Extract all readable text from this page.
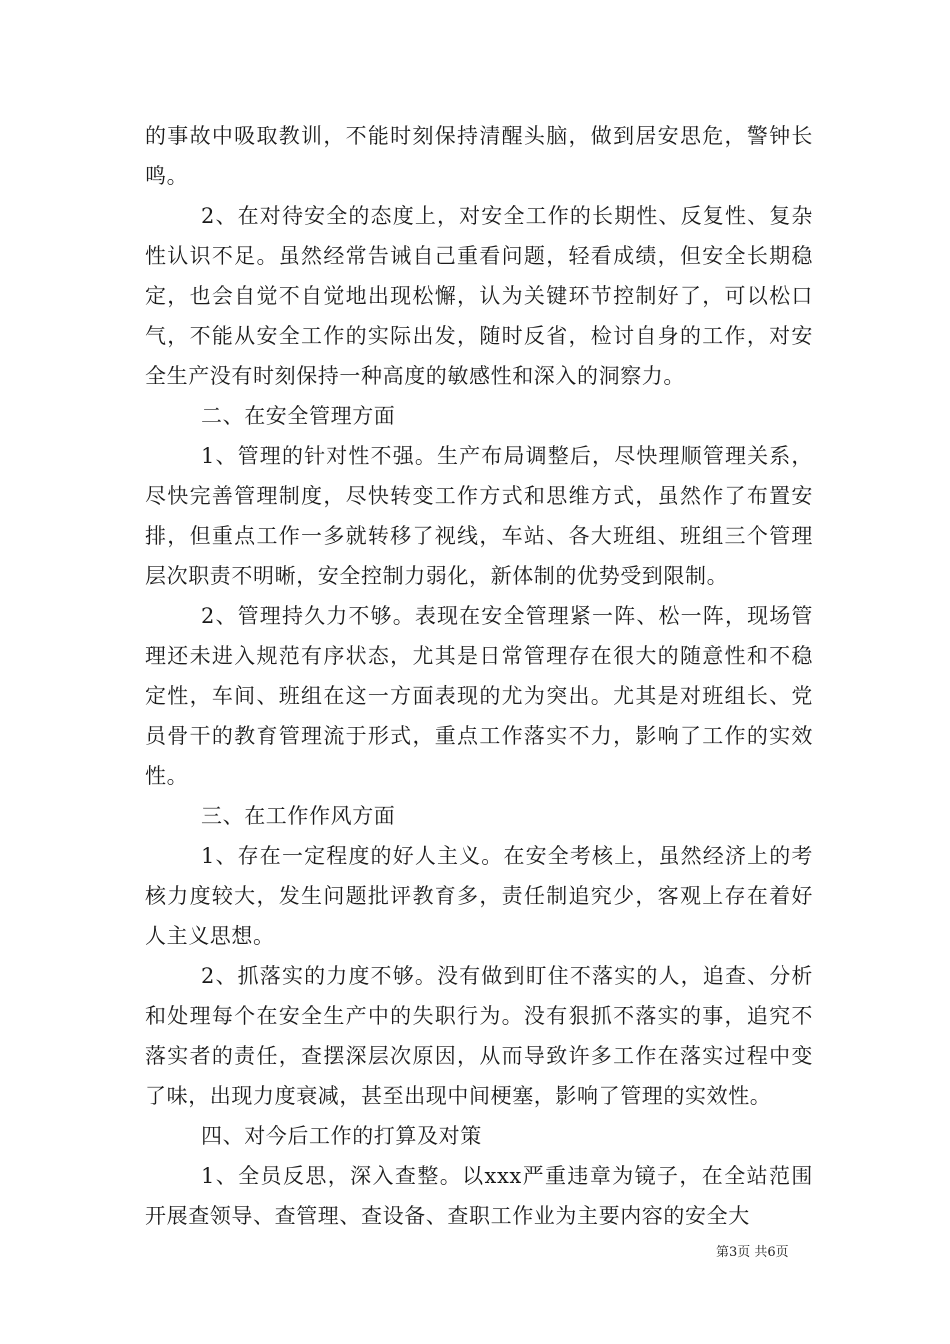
的事故中吸取教训，不能时刻保持清醒头脑，做到居安思危，警钟长鸣。

2、在对待安全的态度上，对安全工作的长期性、反复性、复杂性认识不足。虽然经常告诫自己重看问题，轻看成绩，但安全长期稳定，也会自觉不自觉地出现松懈，认为关键环节控制好了，可以松口气，不能从安全工作的实际出发，随时反省，检讨自身的工作，对安全生产没有时刻保持一种高度的敏感性和深入的洞察力。

二、在安全管理方面

1、管理的针对性不强。生产布局调整后，尽快理顺管理关系，尽快完善管理制度，尽快转变工作方式和思维方式，虽然作了布置安排，但重点工作一多就转移了视线，车站、各大班组、班组三个管理层次职责不明晰，安全控制力弱化，新体制的优势受到限制。

2、管理持久力不够。表现在安全管理紧一阵、松一阵，现场管理还未进入规范有序状态，尤其是日常管理存在很大的随意性和不稳定性，车间、班组在这一方面表现的尤为突出。尤其是对班组长、党员骨干的教育管理流于形式，重点工作落实不力，影响了工作的实效性。

三、在工作作风方面

1、存在一定程度的好人主义。在安全考核上，虽然经济上的考核力度较大，发生问题批评教育多，责任制追究少，客观上存在着好人主义思想。

2、抓落实的力度不够。没有做到盯住不落实的人，追查、分析和处理每个在安全生产中的失职行为。没有狠抓不落实的事，追究不落实者的责任，查摆深层次原因，从而导致许多工作在落实过程中变了味，出现力度衰减，甚至出现中间梗塞，影响了管理的实效性。

四、对今后工作的打算及对策

1、全员反思，深入查整。以xxx严重违章为镜子，在全站范围开展查领导、查管理、查设备、查职工作业为主要内容的安全大

第3页 共6页
